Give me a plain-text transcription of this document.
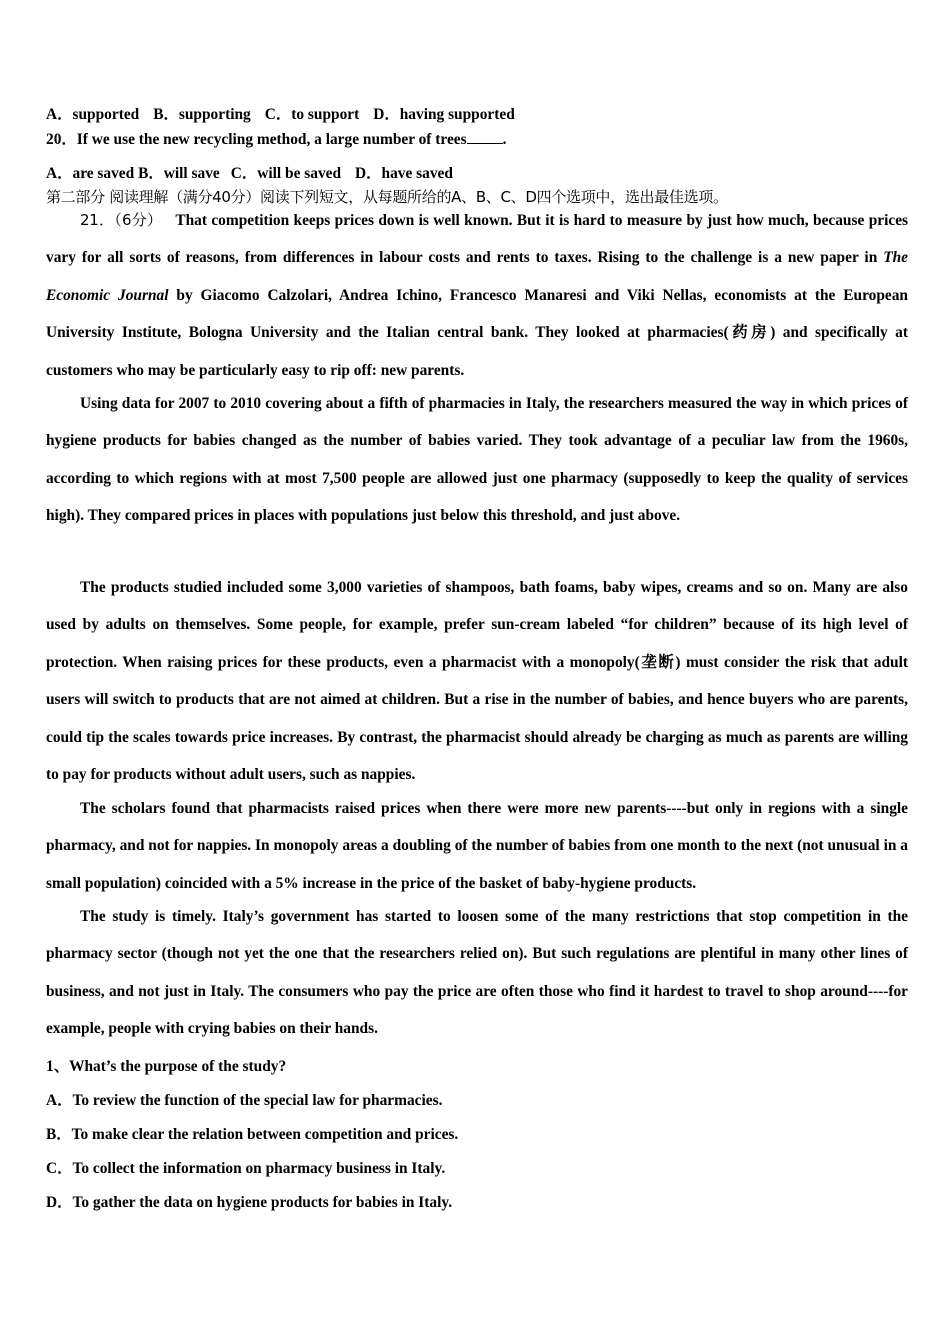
A．supported B．supporting C．to support D．having supported
20．If we use the new recycling method, a large number of trees .
A．are saved B．will save C．will be saved D．have saved
第二部分 阅读理解（满分40分）阅读下列短文，从每题所给的A、B、C、D四个选项中，选出最佳选项。

21．（6分） That competition keeps prices down is well known. But it is hard to measure by just how much, because prices vary for all sorts of reasons, from differences in labour costs and rents to taxes. Rising to the challenge is a new paper in The Economic Journal by Giacomo Calzolari, Andrea Ichino, Francesco Manaresi and Viki Nellas, economists at the European University Institute, Bologna University and the Italian central bank. They looked at pharmacies(药房) and specifically at customers who may be particularly easy to rip off: new parents.

Using data for 2007 to 2010 covering about a fifth of pharmacies in Italy, the researchers measured the way in which prices of hygiene products for babies changed as the number of babies varied. They took advantage of a peculiar law from the 1960s, according to which regions with at most 7,500 people are allowed just one pharmacy (supposedly to keep the quality of services high). They compared prices in places with populations just below this threshold, and just above.

The products studied included some 3,000 varieties of shampoos, bath foams, baby wipes, creams and so on. Many are also used by adults on themselves. Some people, for example, prefer sun-cream labeled “for children” because of its high level of protection. When raising prices for these products, even a pharmacist with a monopoly(垄断) must consider the risk that adult users will switch to products that are not aimed at children. But a rise in the number of babies, and hence buyers who are parents, could tip the scales towards price increases. By contrast, the pharmacist should already be charging as much as parents are willing to pay for products without adult users, such as nappies.

The scholars found that pharmacists raised prices when there were more new parents----but only in regions with a single pharmacy, and not for nappies. In monopoly areas a doubling of the number of babies from one month to the next (not unusual in a small population) coincided with a 5% increase in the price of the basket of baby-hygiene products.

The study is timely. Italy’s government has started to loosen some of the many restrictions that stop competition in the pharmacy sector (though not yet the one that the researchers relied on). But such regulations are plentiful in many other lines of business, and not just in Italy. The consumers who pay the price are often those who find it hardest to travel to shop around----for example, people with crying babies on their hands.

1、What’s the purpose of the study?
A．To review the function of the special law for pharmacies.
B．To make clear the relation between competition and prices.
C．To collect the information on pharmacy business in Italy.
D．To gather the data on hygiene products for babies in Italy.
